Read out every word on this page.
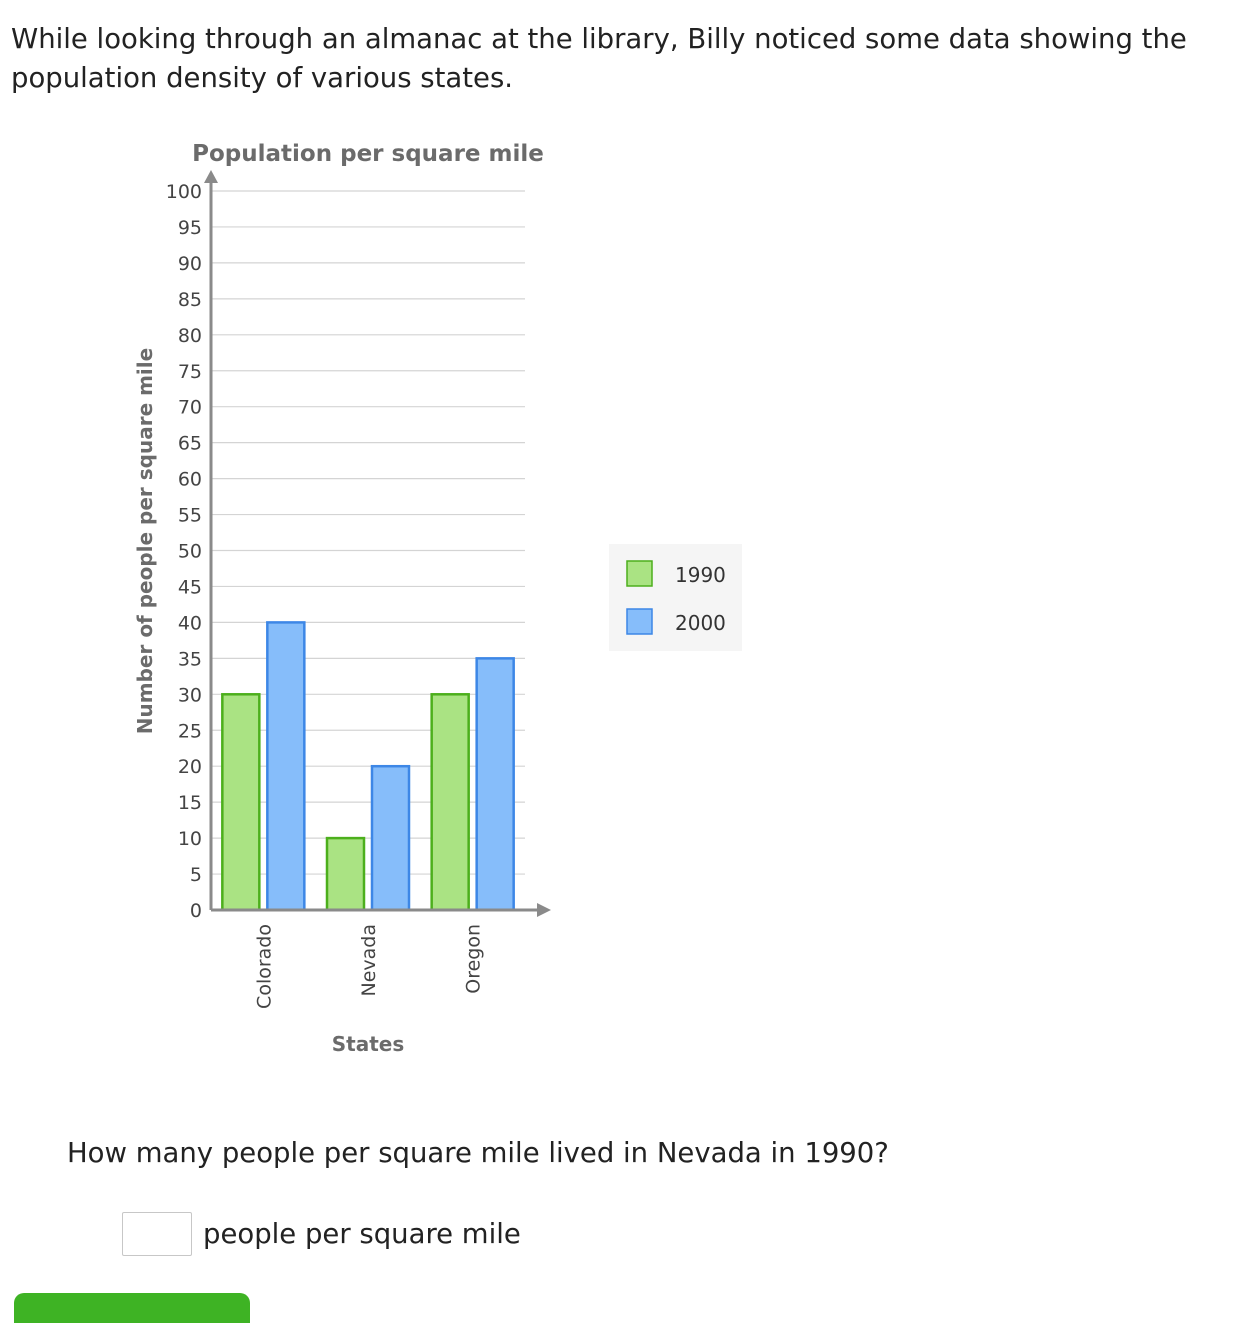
While looking through an almanac at the library, Billy noticed some data showing the population density of various states.

Population per square mile
0
5
10
15
20
25
30
35
40
45
50
55
60
65
70
75
80
85
90
95
100
Colorado	Nevada	Oregon
Number of people per square mile
States
1990
2000

How many people per square mile lived in Nevada in 1990?

people per square mile
